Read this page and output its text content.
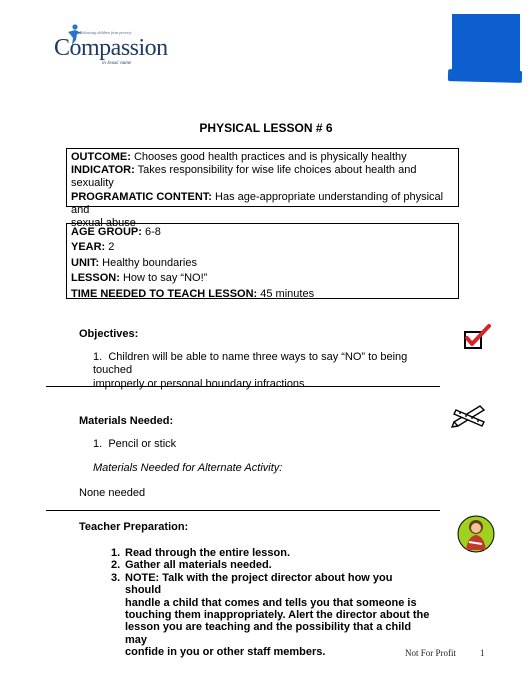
Releasing children from poverty
Compassion
in Jesus' name
PHYSICAL LESSON # 6
OUTCOME: Chooses good health practices and is physically healthy
INDICATOR: Takes responsibility for wise life choices about health and sexuality
PROGRAMATIC CONTENT: Has age-appropriate understanding of physical and
sexual abuse
AGE GROUP: 6-8
YEAR: 2
UNIT: Healthy boundaries
LESSON: How to say “NO!”
TIME NEEDED TO TEACH LESSON: 45 minutes
Objectives:
1. Children will be able to name three ways to say “NO” to being touched
improperly or personal boundary infractions.
Materials Needed:
1. Pencil or stick
Materials Needed for Alternate Activity:
None needed
Teacher Preparation:
1. Read through the entire lesson.
2. Gather all materials needed.
3. NOTE: Talk with the project director about how you should
handle a child that comes and tells you that someone is
touching them inappropriately. Alert the director about the
lesson you are teaching and the possibility that a child may
confide in you or other staff members.	Not For Profit	1
